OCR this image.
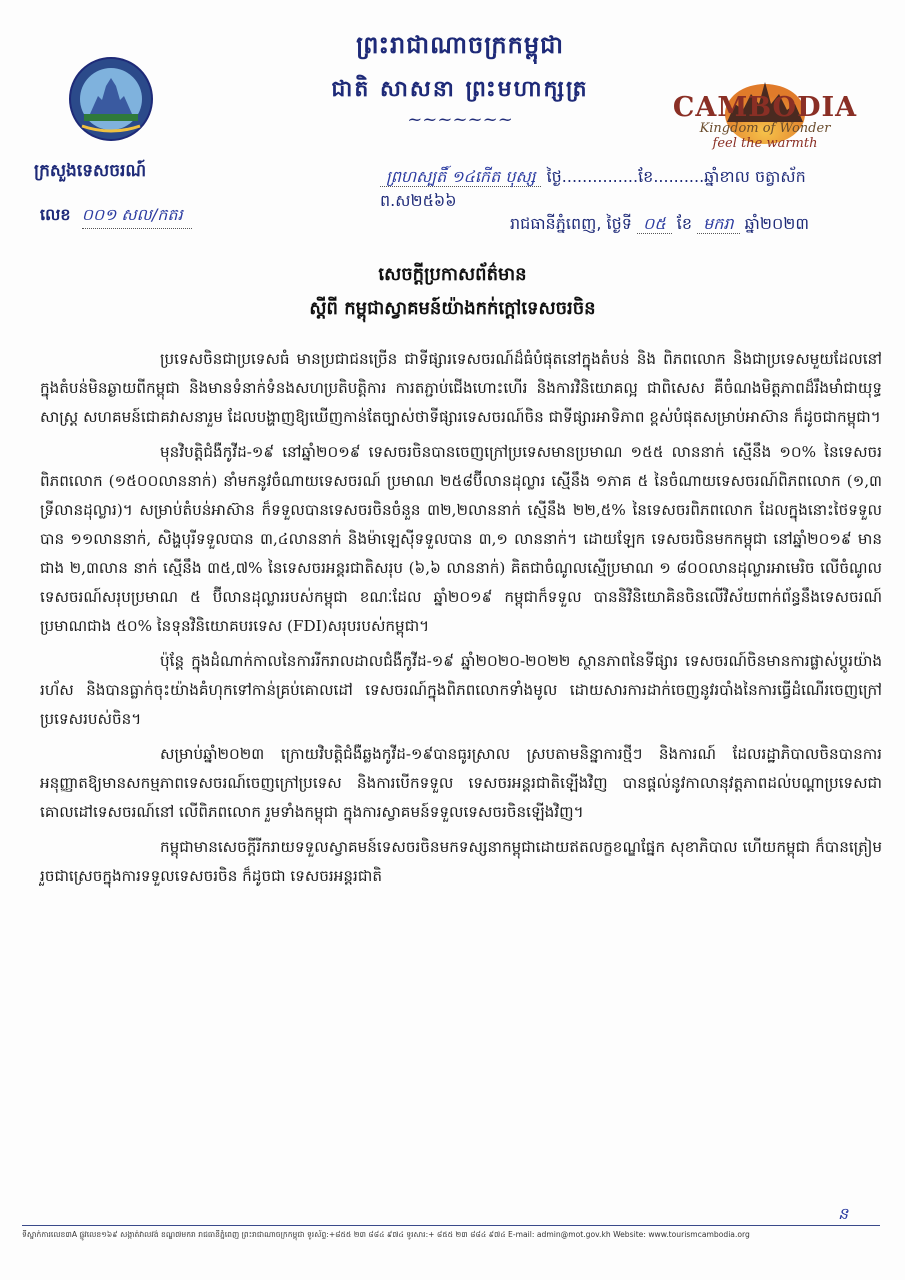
ព្រះរាជាណាចក្រកម្ពុជា
ជាតិ សាសនា ព្រះមហាក្សត្រ
~~~~~~~	CAMBODIA
Kingdom of Wonder
feel the warmth
ក្រសួងទេសចរណ៍
លេខ ០០១ សល/កតរ
ព្រហស្បតិ៍ ១៤កើត បុស្ស ថ្ងៃ...............ខែ..........ឆ្នាំខាល ចត្វាស័ក ព.ស២៥៦៦
រាជធានីភ្នំពេញ, ថ្ងៃទី ០៥ ខែ មករា ឆ្នាំ២០២៣
សេចក្តីប្រកាសព័ត៌មាន
ស្តីពី កម្ពុជាស្វាគមន៍យ៉ាងកក់ក្តៅទេសចរចិន

ប្រទេសចិនជាប្រទេសធំ មានប្រជាជនច្រើន ជាទីផ្សារទេសចរណ៍ដ៏ធំបំផុតនៅក្នុងតំបន់ និង ពិភពលោក និងជាប្រទេសមួយដែលនៅក្នុងតំបន់មិនឆ្ងាយពីកម្ពុជា និងមានទំនាក់ទំនងសហប្រតិបត្តិការ ការតភ្ជាប់ជើងហោះហើរ និងការវិនិយោគល្អ ជាពិសេស គឺចំណងមិត្តភាពដ៏រឹងមាំជាយុទ្ធសាស្ត្រ សហគមន៍ជោគវាសនារួម ដែលបង្ហាញឱ្យឃើញកាន់តែច្បាស់ថាទីផ្សារទេសចរណ៍ចិន ជាទីផ្សារអាទិភាព ខ្ពស់បំផុតសម្រាប់អាស៊ាន ក៏ដូចជាកម្ពុជា។

មុនវិបត្តិជំងឺកូវីដ-១៩ នៅឆ្នាំ២០១៩ ទេសចរចិនបានចេញក្រៅប្រទេសមានប្រមាណ ១៥៥ លាននាក់ ស្មើនឹង ១០% នៃទេសចរពិភពលោក (១៥០០លាននាក់) នាំមកនូវចំណាយទេសចរណ៍ ប្រមាណ ២៥៨ប៊ីលានដុល្លារ ស្មើនឹង ១ភាគ ៥ នៃចំណាយទេសចរណ៍ពិភពលោក (១,៣ ទ្រីលានដុល្លារ)។ សម្រាប់តំបន់អាស៊ាន ក៏ទទួលបានទេសចរចិនចំនួន ៣២,២លាននាក់ ស្មើនឹង ២២,៥% នៃទេសចរពិភពលោក ដែលក្នុងនោះថៃទទួលបាន ១១លាននាក់, សិង្ហបុរីទទួលបាន ៣,៤លាននាក់ និងម៉ាឡេស៊ីទទួលបាន ៣,១ លាននាក់។ ដោយឡែក ទេសចរចិនមកកម្ពុជា នៅឆ្នាំ២០១៩ មានជាង ២,៣លាន នាក់ ស្មើនឹង ៣៥,៧% នៃទេសចរអន្តរជាតិសរុប (៦,៦ លាននាក់) គិតជាចំណូលស្មើប្រមាណ ១ ៨០០លានដុល្លារអាមេរិច លើចំណូលទេសចរណ៍សរុបប្រមាណ ៥ ប៊ីលានដុល្លាររបស់កម្ពុជា ខណៈដែល ឆ្នាំ២០១៩ កម្ពុជាក៏ទទួល បាននិវិនិយោគិនចិនលើវិស័យពាក់ព័ន្ធនឹងទេសចរណ៍ប្រមាណជាង ៥០% នៃទុនវិនិយោគបរទេស (FDI)សរុបរបស់កម្ពុជា។

ប៉ុន្តែ ក្នុងដំណាក់កាលនៃការរីករាលដាលជំងឺកូវីដ-១៩ ឆ្នាំ២០២០-២០២២ ស្ថានភាពនៃទីផ្សារ ទេសចរណ៍ចិនមានការផ្លាស់ប្តូរយ៉ាងរហ័ស និងបានធ្លាក់ចុះយ៉ាងគំហុកទៅកាន់គ្រប់គោលដៅ ទេសចរណ៍ក្នុងពិភពលោកទាំងមូល ដោយសារការដាក់ចេញនូវរបាំងនៃការធ្វើដំណើរចេញក្រៅ ប្រទេសរបស់ចិន។

សម្រាប់ឆ្នាំ២០២៣ ក្រោយវិបត្តិជំងឺឆ្លងកូវីដ-១៩បានធូរស្រាល ស្របតាមនិន្នាការថ្មីៗ និងការណ៍ ដែលរដ្ឋាភិបាលចិនបានការអនុញ្ញាតឱ្យមានសកម្មភាពទេសចរណ៍ចេញក្រៅប្រទេស និងការបើកទទួល ទេសចរអន្តរជាតិឡើងវិញ បានផ្តល់នូវកាលានុវត្តភាពដល់បណ្តាប្រទេសជាគោលដៅទេសចរណ៍នៅ លើពិភពលោក រួមទាំងកម្ពុជា ក្នុងការស្វាគមន៍ទទួលទេសចរចិនឡើងវិញ។

កម្ពុជាមានសេចក្តីរីករាយទទួលស្វាគមន៍ទេសចរចិនមកទស្សនាកម្ពុជាដោយឥតលក្ខខណ្ឌផ្នែក សុខាភិបាល ហើយកម្ពុជា ក៏បានត្រៀមរួចជាស្រេចក្នុងការទទួលទេសចរចិន ក៏ដូចជា ទេសចរអន្តរជាតិ

ន
ទីស្នាក់ការលេខ៣A ផ្លូវលេខ១៦៩ សង្កាត់វាលវង់ ខណ្ឌ៧មករា រាជធានីភ្នំពេញ ព្រះរាជាណាចក្រកម្ពុជា ទូរស័ព្ទ:+៨៥៥ ២៣ ៨៨៤ ៩៧៤ ទូរសារ:+ ៨៥៥ ២៣ ៨៨៤ ៩៧៤ E-mail: admin@mot.gov.kh Website: www.tourismcambodia.org
